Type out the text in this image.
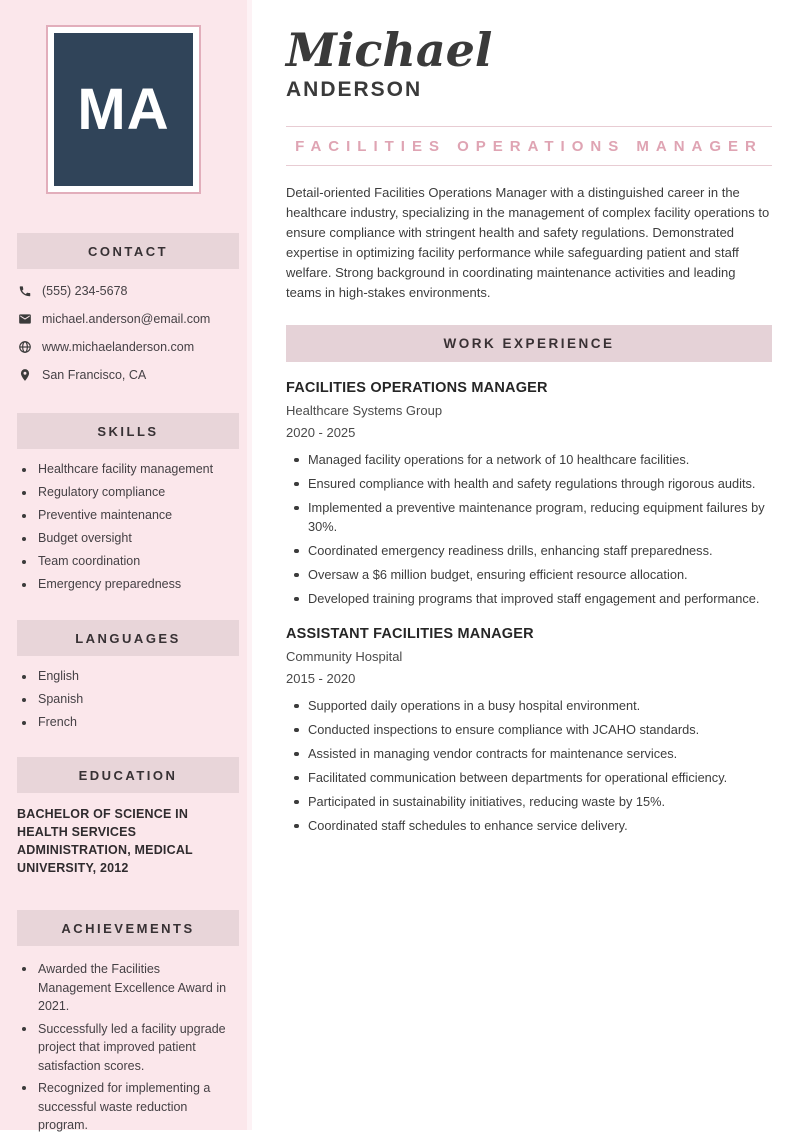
MA
CONTACT
(555) 234-5678
michael.anderson@email.com
www.michaelanderson.com
San Francisco, CA
SKILLS
Healthcare facility management
Regulatory compliance
Preventive maintenance
Budget oversight
Team coordination
Emergency preparedness
LANGUAGES
English
Spanish
French
EDUCATION
BACHELOR OF SCIENCE IN HEALTH SERVICES ADMINISTRATION, MEDICAL UNIVERSITY, 2012
ACHIEVEMENTS
Awarded the Facilities Management Excellence Award in 2021.
Successfully led a facility upgrade project that improved patient satisfaction scores.
Recognized for implementing a successful waste reduction program.
Michael
ANDERSON
FACILITIES OPERATIONS MANAGER

Detail-oriented Facilities Operations Manager with a distinguished career in the healthcare industry, specializing in the management of complex facility operations to ensure compliance with stringent health and safety regulations. Demonstrated expertise in optimizing facility performance while safeguarding patient and staff welfare. Strong background in coordinating maintenance activities and leading teams in high-stakes environments.

WORK EXPERIENCE
FACILITIES OPERATIONS MANAGER
Healthcare Systems Group
2020 - 2025
Managed facility operations for a network of 10 healthcare facilities.
Ensured compliance with health and safety regulations through rigorous audits.
Implemented a preventive maintenance program, reducing equipment failures by 30%.
Coordinated emergency readiness drills, enhancing staff preparedness.
Oversaw a $6 million budget, ensuring efficient resource allocation.
Developed training programs that improved staff engagement and performance.
ASSISTANT FACILITIES MANAGER
Community Hospital
2015 - 2020
Supported daily operations in a busy hospital environment.
Conducted inspections to ensure compliance with JCAHO standards.
Assisted in managing vendor contracts for maintenance services.
Facilitated communication between departments for operational efficiency.
Participated in sustainability initiatives, reducing waste by 15%.
Coordinated staff schedules to enhance service delivery.
